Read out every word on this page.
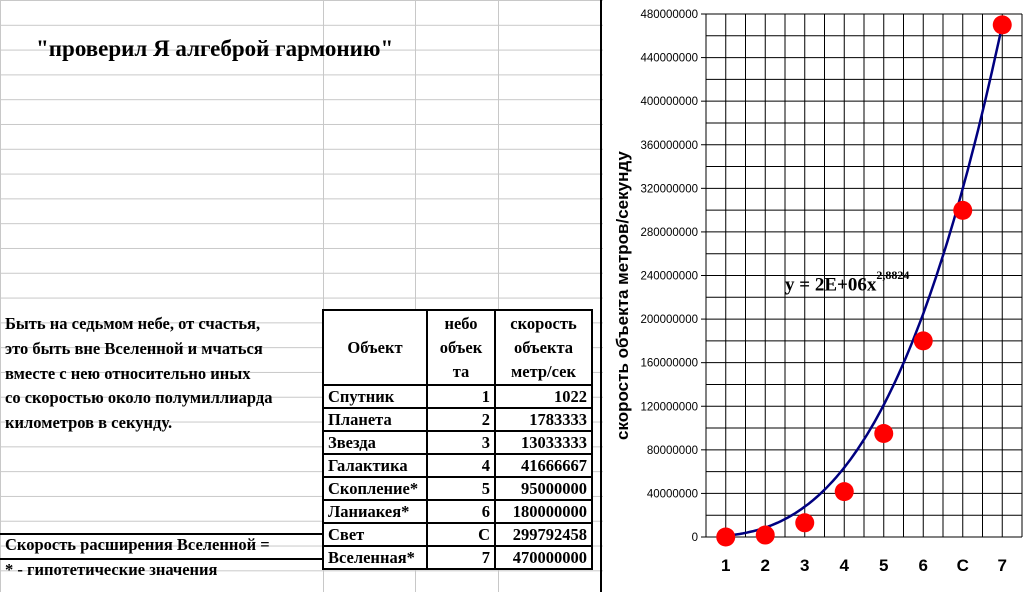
"проверил Я алгеброй гармонию"
Быть на седьмом небе, от счастья,
это быть вне Вселенной и мчаться
вместе с нею относительно иных
со скоростью около полумиллиарда
километров в секунду.
Скорость расширения Вселенной =
* - гипотетические значения
Объект	небо объек та	скорость объекта метр/сек
Спутник	1	1022
Планета	2	1783333
Звезда	3	13033333
Галактика	4	41666667
Скопление*	5	95000000
Ланиакея*	6	180000000
Свет	C	299792458
Вселенная*	7	470000000
0
40000000
80000000
120000000
160000000
200000000
240000000
280000000
320000000
360000000
400000000
440000000
480000000
1 2 3 4 5 6 C 7
скорость объекта метров/секунду	$y = 2E+06x^{2,8824}$
